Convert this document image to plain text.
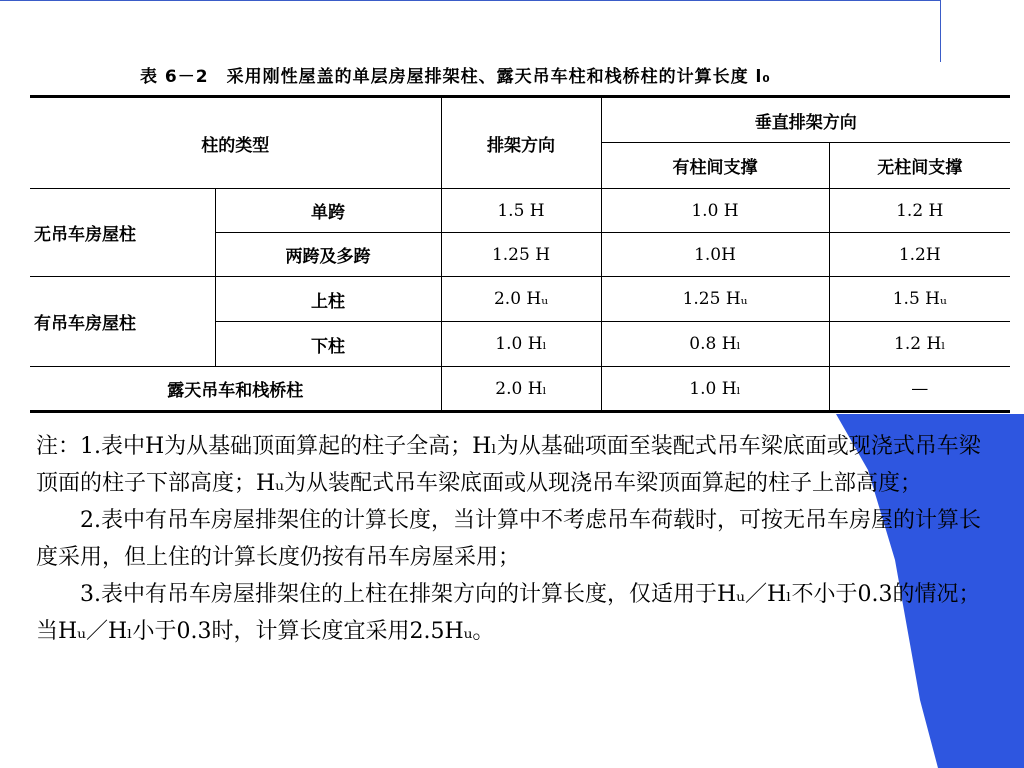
表 6－2　采用刚性屋盖的单层房屋排架柱、露天吊车柱和栈桥柱的计算长度 l₀
柱的类型		排架方向	垂直排架方向	
			有柱间支撑	无柱间支撑
无吊车房屋柱	单跨	1.5 H	1.0 H	1.2 H
	两跨及多跨	1.25 H	1.0H	1.2H
有吊车房屋柱	上柱	2.0 Hᵤ	1.25 Hᵤ	1.5 Hᵤ
	下柱	1.0 Hₗ	0.8 Hₗ	1.2 Hₗ
露天吊车和栈桥柱		2.0 Hₗ	1.0 Hₗ	—

注：1.表中H为从基础顶面算起的柱子全高；Hₗ为从基础项面至装配式吊车梁底面或现浇式吊车梁顶面的柱子下部高度；Hᵤ为从装配式吊车梁底面或从现浇吊车梁顶面算起的柱子上部高度；

2.表中有吊车房屋排架住的计算长度，当计算中不考虑吊车荷载时，可按无吊车房屋的计算长度采用，但上住的计算长度仍按有吊车房屋采用；

3.表中有吊车房屋排架住的上柱在排架方向的计算长度，仅适用于Hᵤ／Hₗ不小于0.3的情况；当Hᵤ／Hₗ小于0.3时，计算长度宜采用2.5Hᵤ。
